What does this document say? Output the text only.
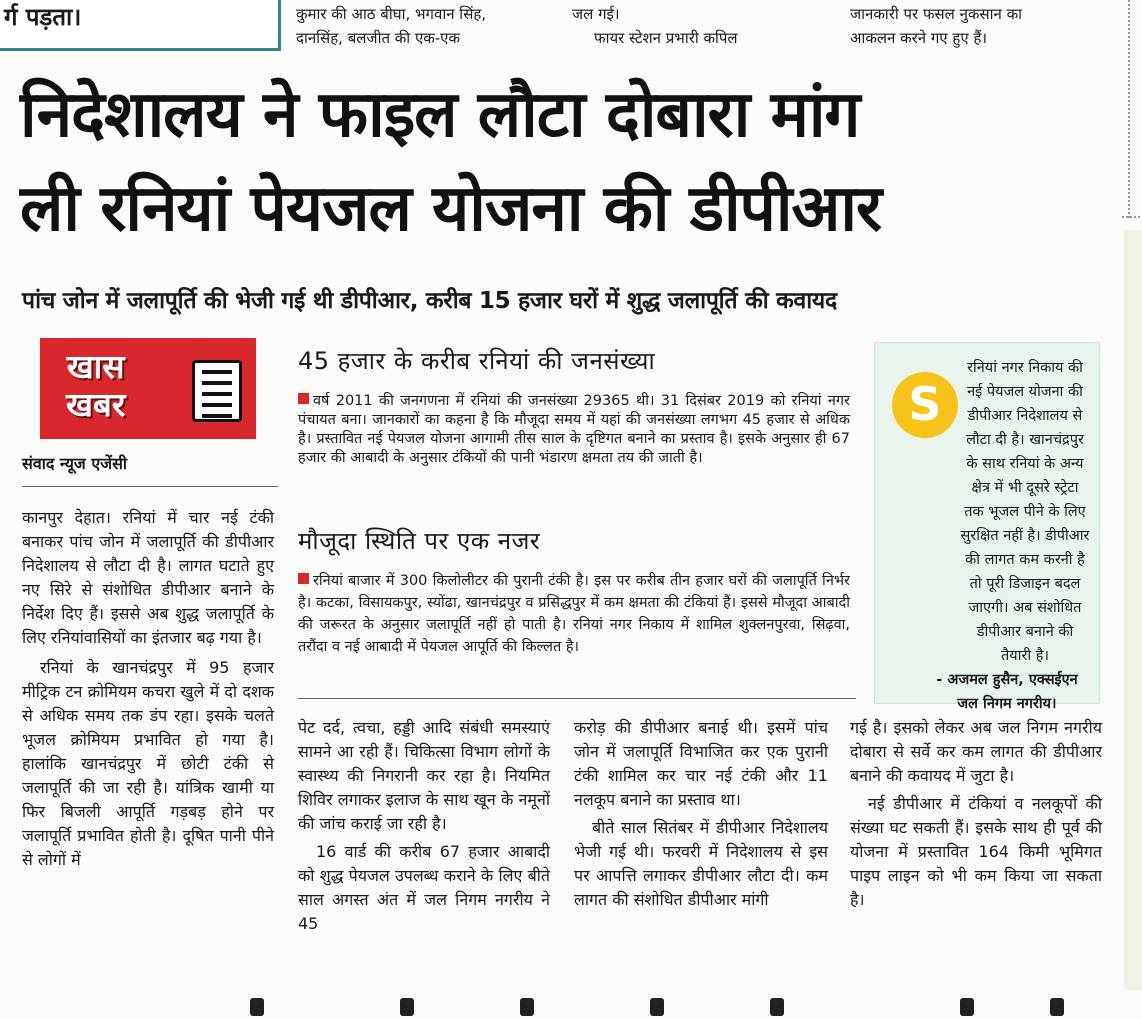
र्ग पड़ता।	कुमार की आठ बीघा, भगवान सिंह,
दानसिंह, बलजीत की एक-एक
जल गई।
फायर स्टेशन प्रभारी कपिल
जानकारी पर फसल नुकसान का
आकलन करने गए हुए हैं।
निदेशालय ने फाइल लौटा दोबारा मांग
ली रनियां पेयजल योजना की डीपीआर
पांच जोन में जलापूर्ति की भेजी गई थी डीपीआर, करीब 15 हजार घरों में शुद्ध जलापूर्ति की कवायद
खास
खबर
संवाद न्यूज एजेंसी
कानपुर देहात। रनियां में चार नई टंकी बनाकर पांच जोन में जलापूर्ति की डीपीआर निदेशालय से लौटा दी है। लागत घटाते हुए नए सिरे से संशोधित डीपीआर बनाने के निर्देश दिए हैं। इससे अब शुद्ध जलापूर्ति के लिए रनियांवासियों का इंतजार बढ़ गया है।
रनियां के खानचंद्रपुर में 95 हजार मीट्रिक टन क्रोमियम कचरा खुले में दो दशक से अधिक समय तक डंप रहा। इसके चलते भूजल क्रोमियम प्रभावित हो गया है। हालांकि खानचंद्रपुर में छोटी टंकी से जलापूर्ति की जा रही है। यांत्रिक खामी या फिर बिजली आपूर्ति गड़बड़ होने पर जलापूर्ति प्रभावित होती है। दूषित पानी पीने से लोगों में
45 हजार के करीब रनियां की जनसंख्या
वर्ष 2011 की जनगणना में रनियां की जनसंख्या 29365 थी। 31 दिसंबर 2019 को रनियां नगर पंचायत बना। जानकारों का कहना है कि मौजूदा समय में यहां की जनसंख्या लगभग 45 हजार से अधिक है। प्रस्तावित नई पेयजल योजना आगामी तीस साल के दृष्टिगत बनाने का प्रस्ताव है। इसके अनुसार ही 67 हजार की आबादी के अनुसार टंकियों की पानी भंडारण क्षमता तय की जाती है।
मौजूदा स्थिति पर एक नजर
रनियां बाजार में 300 किलोलीटर की पुरानी टंकी है। इस पर करीब तीन हजार घरों की जलापूर्ति निर्भर है। कटका, विसायकपुर, स्योंढा, खानचंद्रपुर व प्रसिद्धपुर में कम क्षमता की टंकियां हैं। इससे मौजूदा आबादी की जरूरत के अनुसार जलापूर्ति नहीं हो पाती है। रनियां नगर निकाय में शामिल शुक्लनपुरवा, सिढ़वा, तरौंदा व नई आबादी में पेयजल आपूर्ति की किल्लत है।
रनियां नगर निकाय की नई पेयजल योजना की डीपीआर निदेशालय से लौटा दी है। खानचंद्रपुर के साथ रनियां के अन्य क्षेत्र में भी दूसरे स्ट्रेटा तक भूजल पीने के लिए सुरक्षित नहीं है। डीपीआर की लागत कम करनी है तो पूरी डिजाइन बदल जाएगी। अब संशोधित डीपीआर बनाने की तैयारी है।
- अजमल हुसैन, एक्सईएन जल निगम नगरीय।
S
पेट दर्द, त्वचा, हड्डी आदि संबंधी समस्याएं सामने आ रही हैं। चिकित्सा विभाग लोगों के स्वास्थ्य की निगरानी कर रहा है। नियमित शिविर लगाकर इलाज के साथ खून के नमूनों की जांच कराई जा रही है।
16 वार्ड की करीब 67 हजार आबादी को शुद्ध पेयजल उपलब्ध कराने के लिए बीते साल अगस्त अंत में जल निगम नगरीय ने 45
करोड़ की डीपीआर बनाई थी। इसमें पांच जोन में जलापूर्ति विभाजित कर एक पुरानी टंकी शामिल कर चार नई टंकी और 11 नलकूप बनाने का प्रस्ताव था।
बीते साल सितंबर में डीपीआर निदेशालय भेजी गई थी। फरवरी में निदेशालय से इस पर आपत्ति लगाकर डीपीआर लौटा दी। कम लागत की संशोधित डीपीआर मांगी
गई है। इसको लेकर अब जल निगम नगरीय दोबारा से सर्वे कर कम लागत की डीपीआर बनाने की कवायद में जुटा है।
नई डीपीआर में टंकियां व नलकूपों की संख्या घट सकती हैं। इसके साथ ही पूर्व की योजना में प्रस्तावित 164 किमी भूमिगत पाइप लाइन को भी कम किया जा सकता है।
